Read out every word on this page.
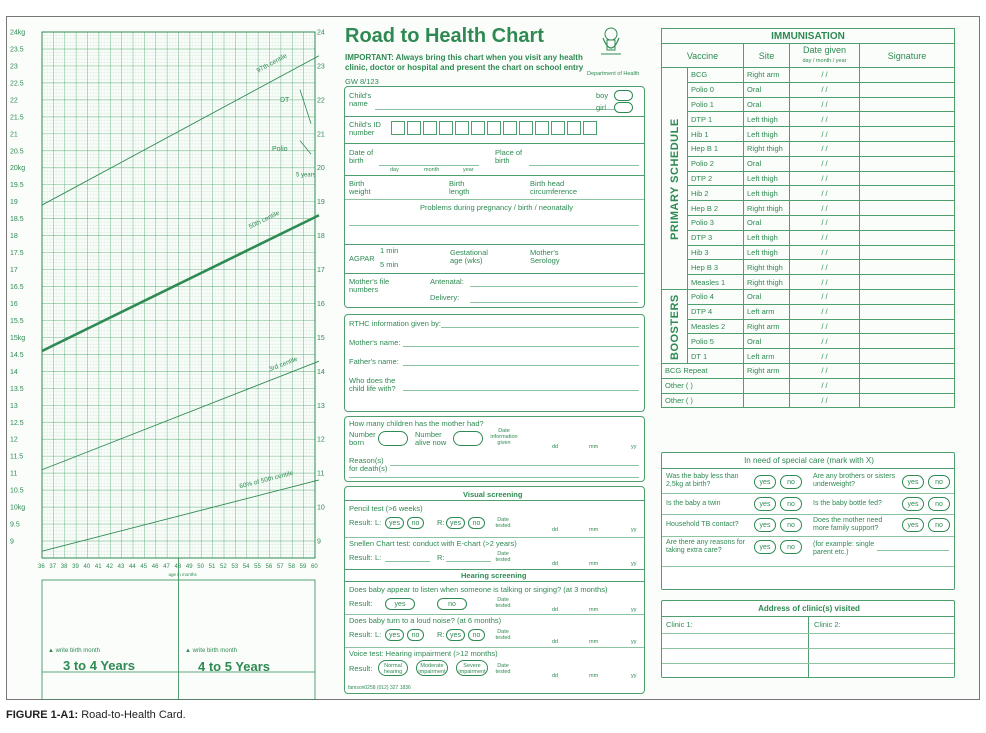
24kg
23.5
23
22.5
22
21.5
21
20.5
20kg
19.5
19
18.5
18
17.5
17
16.5
16
15.5
15kg
14.5
14
13.5
13
12.5
12
11.5
11
10.5
10kg
9.5
9
24
23
22
21
20
19
18
17
16
15
14
13
12
11
10
9
36 37 38 39 40 41 42 43 44 45 46 47 48 49 50 51 52 53 54 55 56 57 58 59 60
age in months
97th centile
50th centile
3rd centile
60% of 50th centile
DT
Polio
5 years
▲ write birth month	▲ write birth month
3 to 4 Years	4 to 5 Years
Road to Health Chart
Department of Health
IMPORTANT: Always bring this chart when you visit any health clinic, doctor or hospital and present the chart on school entry
GW 8/123
Child's name
boy
girl
Child's ID number
Date of birth
day	month	year
Place of birth
Birth weight
Birth length
Birth head circumference
Problems during pregnancy / birth / neonatally
AGPAR
1 min
5 min
Gestational age (wks)
Mother's Serology
Mother's file numbers
Antenatal:
Delivery:
RTHC information given by:
Mother's name:
Father's name:
Who does the child life with?
How many children has the mother had?
Number born
Number alive now
Date information given
dd	mm	yy
Reason(s) for death(s)
Visual screening
Pencil test (>6 weeks)
Result: L:	yes	no	R: yes	no	Date tested
dd	mm	yy
Snellen Chart test: conduct with E-chart (>2 years)
Result: L:	R:	Date tested
dd	mm	yy
Hearing screening
Does baby appear to listen when someone is talking or singing? (at 3 months)
Result:	yes	no
Date tested
dd	mm	yy
Does baby turn to a loud noise? (at 6 months)
Result: L:	yes	no	R: yes	no	Date tested
dd	mm	yy
Voice test: Hearing impairment (>12 months)
Result:	Normal hearing
Moderate impairment
Severe impairment
Date tested
dd	mm	yy
famson0258 (012) 327 1836
IMMUNISATION				
Vaccine		Site	Date given
day / month / year	Signature

PRIMARY SCHEDULE	BCG	Right arm	/ /	
	Polio 0	Oral	/ /	
	Polio 1	Oral	/ /	
	DTP 1	Left thigh	/ /	
	Hib 1	Left thigh	/ /	
	Hep B 1	Right thigh	/ /	
	Polio 2	Oral	/ /	
	DTP 2	Left thigh	/ /	
	Hib 2	Left thigh	/ /	
	Hep B 2	Right thigh	/ /	
	Polio 3	Oral	/ /	
	DTP 3	Left thigh	/ /	
	Hib 3	Left thigh	/ /	
	Hep B 3	Right thigh	/ /	
	Measles 1	Right thigh	/ /	

BOOSTERS	Polio 4	Oral	/ /	
	DTP 4	Left arm	/ /	
	Measles 2	Right arm	/ /	
	Polio 5	Oral	/ /	
	DT 1	Left arm	/ /	
BCG Repeat		Right arm	/ /	
Other ( )			/ /	
Other ( )			/ /	
In need of special care (mark with X)
Was the baby less than 2,5kg at birth?	yes	no
Are any brothers or sisters underweight?	yes	no
Is the baby a twin	yes	no	Is the baby bottle fed?	yes	no
Household TB contact?	yes	no
Does the mother need more family support?	yes	no
Are there any reasons for taking extra care?	yes	no	(for example: single parent etc.)
Address of clinic(s) visited
Clinic 1:	Clinic 2:
FIGURE 1-A1: Road-to-Health Card.
